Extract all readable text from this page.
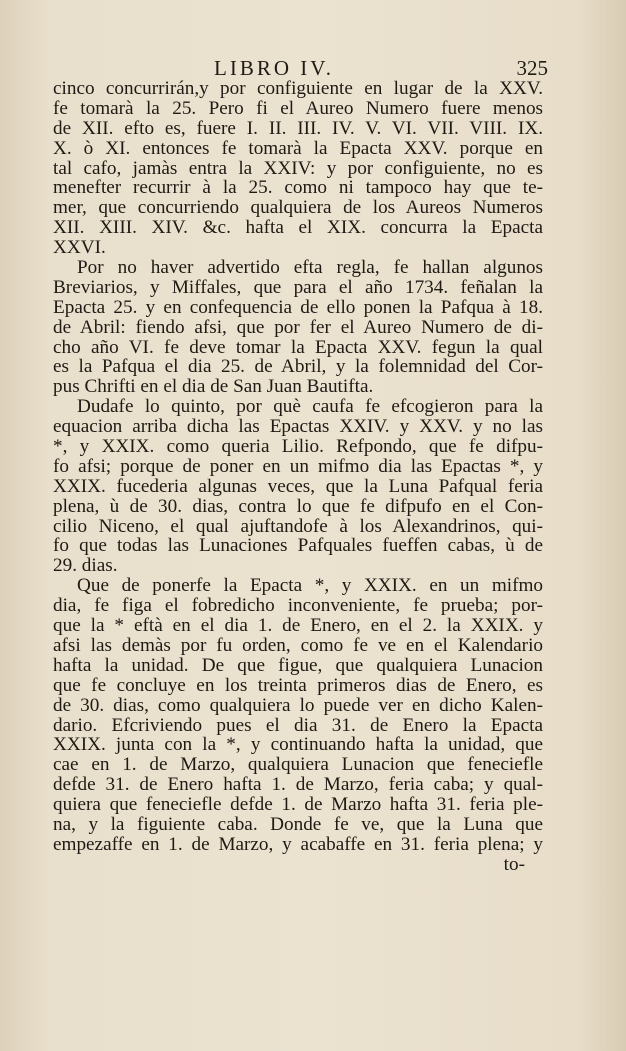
LIBRO IV.	325
cinco concurrirán,y por configuiente en lugar de la XXV.
fe tomarà la 25. Pero fi el Aureo Numero fuere menos
de XII. efto es, fuere I. II. III. IV. V. VI. VII. VIII. IX.
X. ò XI. entonces fe tomarà la Epacta XXV. porque en
tal cafo, jamàs entra la XXIV: y por configuiente, no es
menefter recurrir à la 25. como ni tampoco hay que te-
mer, que concurriendo qualquiera de los Aureos Numeros
XII. XIII. XIV. &c. hafta el XIX. concurra la Epacta
XXVI.
Por no haver advertido efta regla, fe hallan algunos
Breviarios, y Miffales, que para el año 1734. feñalan la
Epacta 25. y en confequencia de ello ponen la Pafqua à 18.
de Abril: fiendo afsi, que por fer el Aureo Numero de di-
cho año VI. fe deve tomar la Epacta XXV. fegun la qual
es la Pafqua el dia 25. de Abril, y la folemnidad del Cor-
pus Chrifti en el dia de San Juan Bautifta.
Dudafe lo quinto, por què caufa fe efcogieron para la
equacion arriba dicha las Epactas XXIV. y XXV. y no las
*, y XXIX. como queria Lilio. Refpondo, que fe difpu-
fo afsi; porque de poner en un mifmo dia las Epactas *, y
XXIX. fucederia algunas veces, que la Luna Pafqual feria
plena, ù de 30. dias, contra lo que fe difpufo en el Con-
cilio Niceno, el qual ajuftandofe à los Alexandrinos, qui-
fo que todas las Lunaciones Pafquales fueffen cabas, ù de
29. dias.
Que de ponerfe la Epacta *, y XXIX. en un mifmo
dia, fe figa el fobredicho inconveniente, fe prueba; por-
que la * eftà en el dia 1. de Enero, en el 2. la XXIX. y
afsi las demàs por fu orden, como fe ve en el Kalendario
hafta la unidad. De que figue, que qualquiera Lunacion
que fe concluye en los treinta primeros dias de Enero, es
de 30. dias, como qualquiera lo puede ver en dicho Kalen-
dario. Efcriviendo pues el dia 31. de Enero la Epacta
XXIX. junta con la *, y continuando hafta la unidad, que
cae en 1. de Marzo, qualquiera Lunacion que feneciefle
defde 31. de Enero hafta 1. de Marzo, feria caba; y qual-
quiera que feneciefle defde 1. de Marzo hafta 31. feria ple-
na, y la figuiente caba. Donde fe ve, que la Luna que
empezaffe en 1. de Marzo, y acabaffe en 31. feria plena; y
to-
